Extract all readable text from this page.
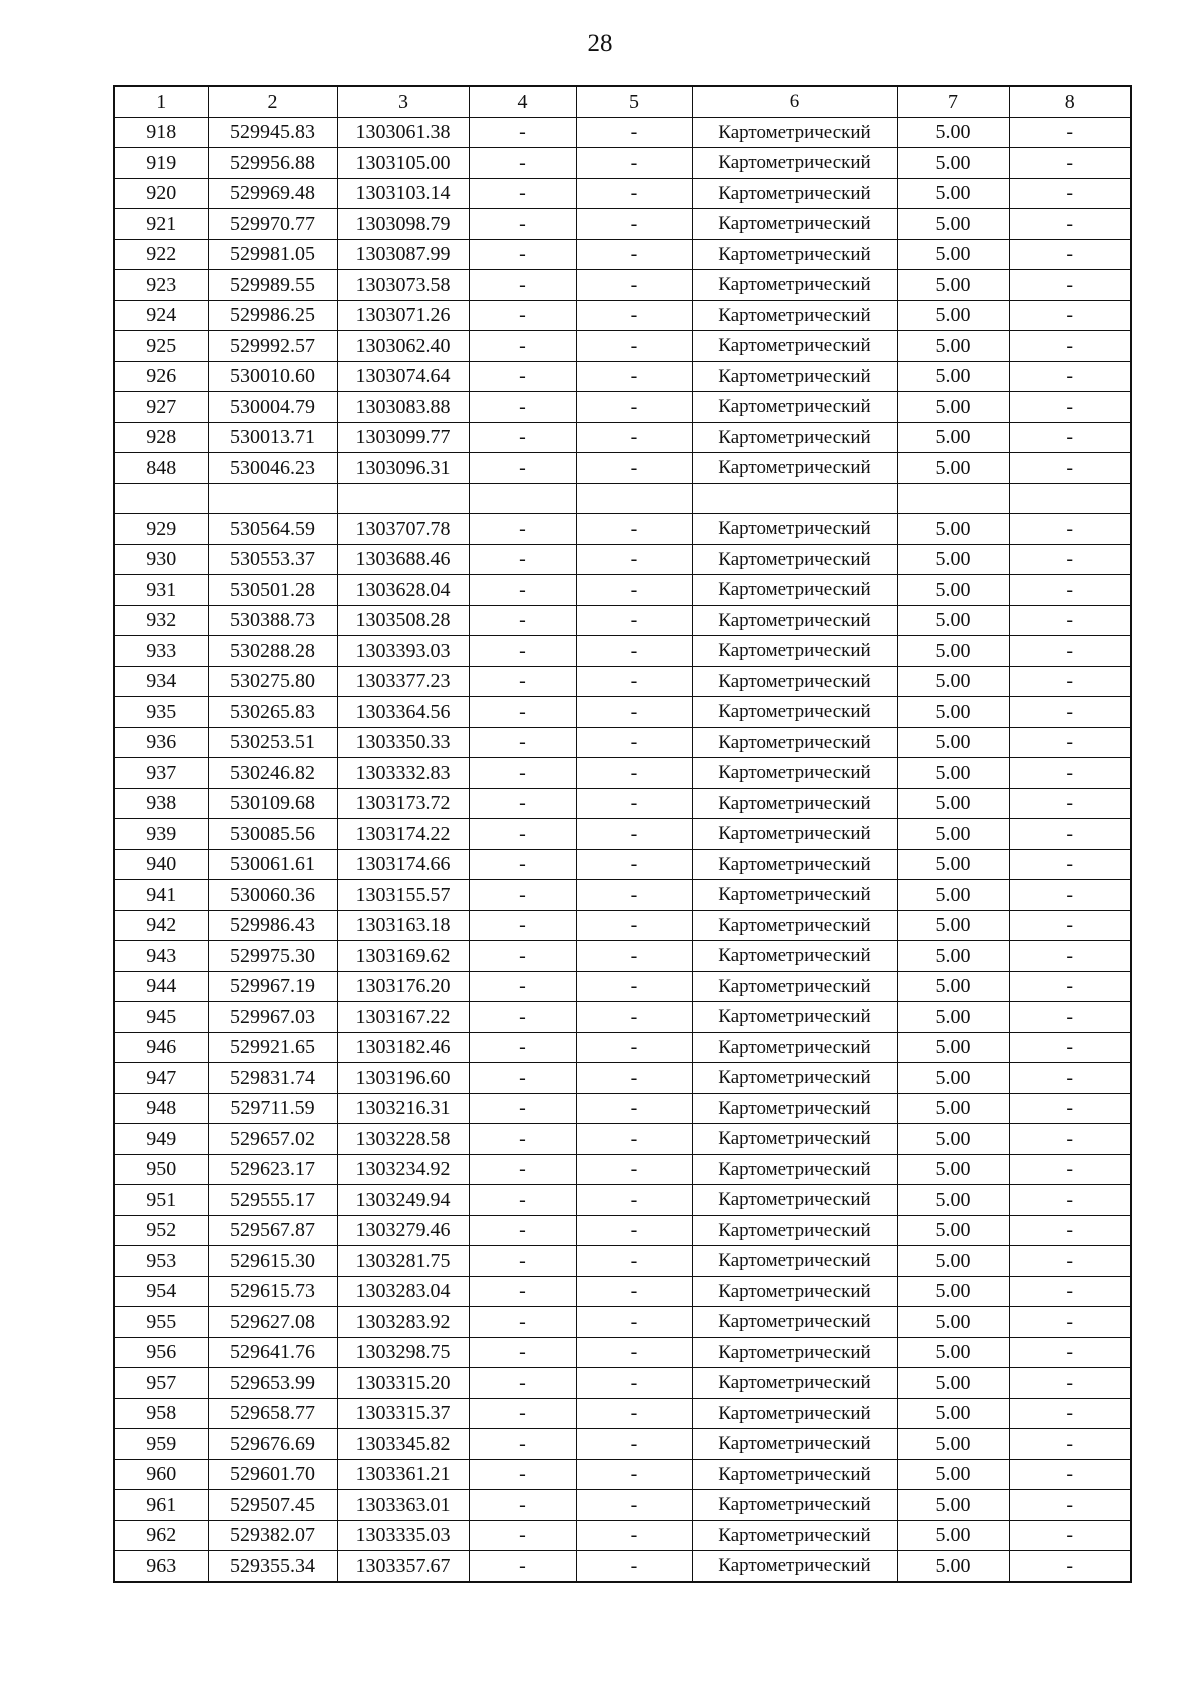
28
1	2	3	4	5	6	7	8
918	529945.83	1303061.38	-	-	Картометрический	5.00	-
919	529956.88	1303105.00	-	-	Картометрический	5.00	-
920	529969.48	1303103.14	-	-	Картометрический	5.00	-
921	529970.77	1303098.79	-	-	Картометрический	5.00	-
922	529981.05	1303087.99	-	-	Картометрический	5.00	-
923	529989.55	1303073.58	-	-	Картометрический	5.00	-
924	529986.25	1303071.26	-	-	Картометрический	5.00	-
925	529992.57	1303062.40	-	-	Картометрический	5.00	-
926	530010.60	1303074.64	-	-	Картометрический	5.00	-
927	530004.79	1303083.88	-	-	Картометрический	5.00	-
928	530013.71	1303099.77	-	-	Картометрический	5.00	-
848	530046.23	1303096.31	-	-	Картометрический	5.00	-

929	530564.59	1303707.78	-	-	Картометрический	5.00	-
930	530553.37	1303688.46	-	-	Картометрический	5.00	-
931	530501.28	1303628.04	-	-	Картометрический	5.00	-
932	530388.73	1303508.28	-	-	Картометрический	5.00	-
933	530288.28	1303393.03	-	-	Картометрический	5.00	-
934	530275.80	1303377.23	-	-	Картометрический	5.00	-
935	530265.83	1303364.56	-	-	Картометрический	5.00	-
936	530253.51	1303350.33	-	-	Картометрический	5.00	-
937	530246.82	1303332.83	-	-	Картометрический	5.00	-
938	530109.68	1303173.72	-	-	Картометрический	5.00	-
939	530085.56	1303174.22	-	-	Картометрический	5.00	-
940	530061.61	1303174.66	-	-	Картометрический	5.00	-
941	530060.36	1303155.57	-	-	Картометрический	5.00	-
942	529986.43	1303163.18	-	-	Картометрический	5.00	-
943	529975.30	1303169.62	-	-	Картометрический	5.00	-
944	529967.19	1303176.20	-	-	Картометрический	5.00	-
945	529967.03	1303167.22	-	-	Картометрический	5.00	-
946	529921.65	1303182.46	-	-	Картометрический	5.00	-
947	529831.74	1303196.60	-	-	Картометрический	5.00	-
948	529711.59	1303216.31	-	-	Картометрический	5.00	-
949	529657.02	1303228.58	-	-	Картометрический	5.00	-
950	529623.17	1303234.92	-	-	Картометрический	5.00	-
951	529555.17	1303249.94	-	-	Картометрический	5.00	-
952	529567.87	1303279.46	-	-	Картометрический	5.00	-
953	529615.30	1303281.75	-	-	Картометрический	5.00	-
954	529615.73	1303283.04	-	-	Картометрический	5.00	-
955	529627.08	1303283.92	-	-	Картометрический	5.00	-
956	529641.76	1303298.75	-	-	Картометрический	5.00	-
957	529653.99	1303315.20	-	-	Картометрический	5.00	-
958	529658.77	1303315.37	-	-	Картометрический	5.00	-
959	529676.69	1303345.82	-	-	Картометрический	5.00	-
960	529601.70	1303361.21	-	-	Картометрический	5.00	-
961	529507.45	1303363.01	-	-	Картометрический	5.00	-
962	529382.07	1303335.03	-	-	Картометрический	5.00	-
963	529355.34	1303357.67	-	-	Картометрический	5.00	-
